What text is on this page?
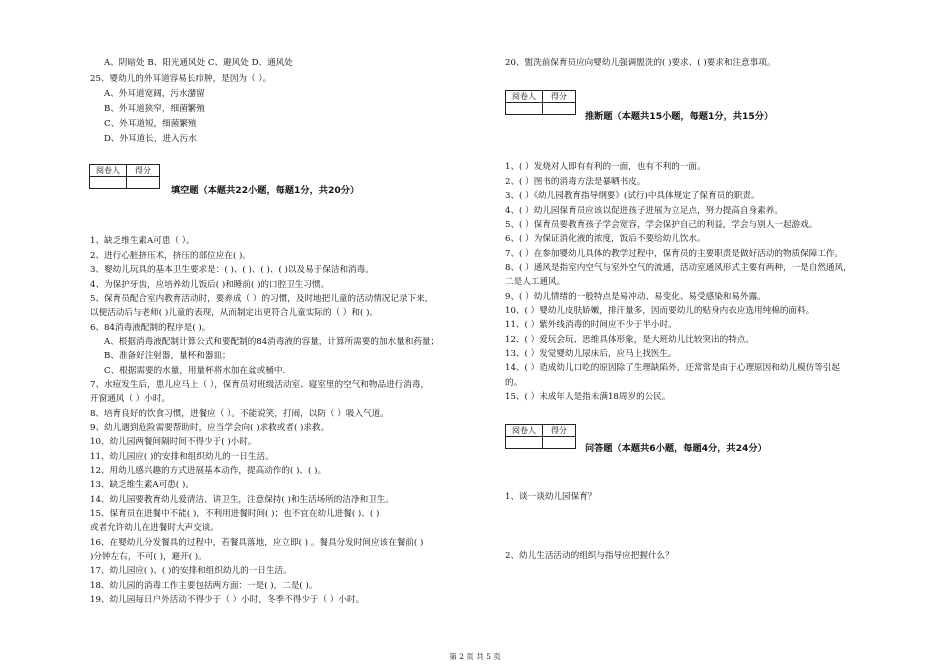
A、阴暗处 B、阳光通风处 C、避风处 D、通风处
25、婴幼儿的外耳道容易长疖肿，是因为（ ）。
A、外耳道宽阔，污水潴留
B、外耳道狭窄，细菌繁殖
C、外耳道短，细菌繁殖
D、外耳道长，进入污水
阅卷人	得分

填空题（本题共22小题，每题1分，共20分）
1、缺乏维生素A可患（ ）。
2、进行心脏挤压术，挤压的部位应在( )。
3、婴幼儿玩具的基本卫生要求是：( )、( )、( )、( )以及易于保洁和消毒。
4、为保护牙齿，应培养幼儿饭后( )和睡前( )的口腔卫生习惯。
5、保育员配合室内教育活动时，要养成（ ）的习惯，及时地把儿童的活动情况记录下来，
以便活动后与老师( )儿童的表现，从而制定出更符合儿童实际的（ ）和( )。
6、84消毒液配制的程序是( )。
A、根据消毒液配制计算公式和要配制的84消毒液的容量，计算所需要的加水量和药量；
B、准备好注射器，量杯和器皿；
C、根据需要的水量，用量杯将水加在盆或桶中.
7、水痘发生后，患儿应马上（ ），保育员对班级活动室、寝室里的空气和物品进行消毒，
开窗通风（ ）小时。
8、培育良好的饮食习惯，进餐应（ ）。不能说笑，打闹，以防（ ）吸入气道。
9、幼儿遇到危险需要帮助时，应当学会向( )求救或者( )求救。
10、幼儿园两餐间隔时间不得少于( )小时。
11、幼儿园应( )的安排和组织幼儿的一日生活。
12、用幼儿感兴趣的方式进展基本动作，提高动作的( )、( )。
13、缺乏维生素A可患( )。
14、幼儿园要教育幼儿爱清洁、讲卫生，注意保持( )和生活场所的洁净和卫生。
15、保育员在进餐中不能( )，不利用进餐时间( )；也不宜在幼儿进餐( )、( )
或者允许幼儿在进餐时大声交谈。
16、在婴幼儿分发餐具的过程中，若餐具落地，应立即( ) 。餐具分发时间应该在餐前( )
)分钟左右，不可( )，避开( )。
17、幼儿园应( )、( )的安排和组织幼儿的一日生活。
18、幼儿园的消毒工作主要包括两方面：一是( )，二是( )。
19、幼儿园每日户外活动不得少于（ ）小时，冬季不得少于（ ）小时。
20、盥洗前保育员应向婴幼儿强调盥洗的( )要求、( )要求和注意事项。
阅卷人	得分

推断题（本题共15小题，每题1分，共15分）
1、( ）发烧对人即有有利的一面，也有不利的一面。
2、( ）图书的消毒方法是暴晒书皮。
3、( ）《幼儿园教育指导纲要》(试行)中具体规定了保育员的职责。
4、( ）幼儿园保育员应该以促进孩子进展为立足点，努力提高自身素养。
5、( ）保育员要教育孩子学会宽容，学会保护自己的利益，学会与别人一起游戏。
6、( ）为保证消化液的浓度，饭后不要给幼儿饮水。
7、( ）在参加婴幼儿具体的教学过程中，保育员的主要职责是做好活动的物质保障工作。
8、( ）通风是指室内空气与室外空气的流通，活动室通风形式主要有两种，一是自然通风，
二是人工通风。
9、( ）幼儿情绪的一般特点是易冲动、易变化、易受感染和易外露。
10、( ）婴幼儿皮肤娇嫩，排汗量多，因而要幼儿的贴身内衣应选用纯棉的面料。
11、( ）紫外线消毒的时间应不少于半小时。
12、( ）爱玩会玩、思维具体形象，是大班幼儿比较突出的特点。
13、( ）发觉婴幼儿尿床后，应马上找医生。
14、( ）造成幼儿口吃的原因除了生理缺陷外，还常常是由于心理原因和幼儿模仿等引起
的。
15、( ）未成年人是指未满18周岁的公民。
阅卷人	得分

问答题（本题共6小题，每题4分，共24分）
1、谈一谈幼儿园保育？
2、幼儿生活活动的组织与指导应把握什么？
第 2 页 共 5 页
